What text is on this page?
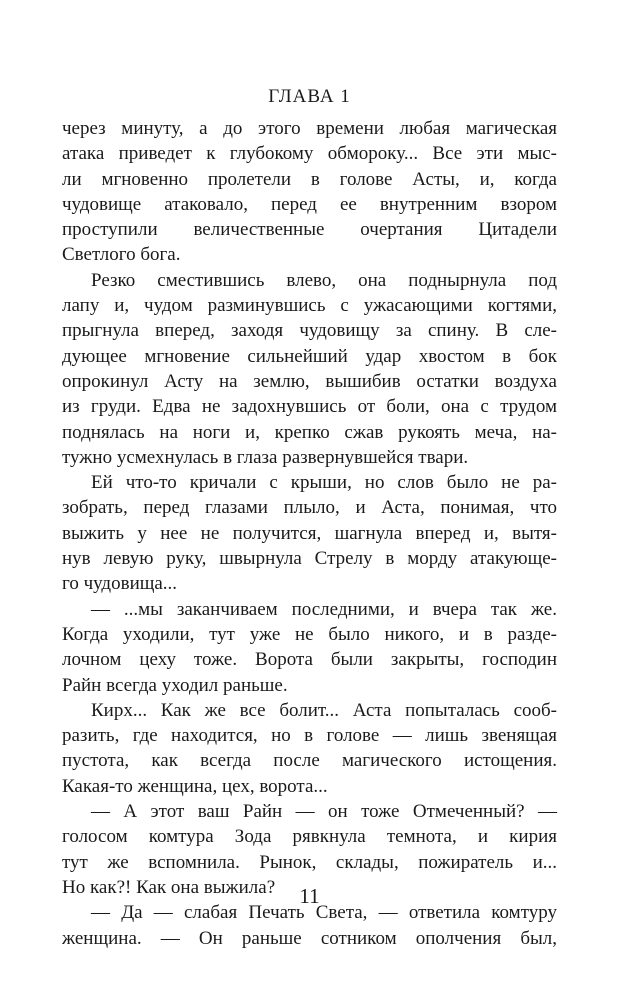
ГЛАВА 1
через минуту, а до этого времени любая магическая
атака приведет к глубокому обмороку... Все эти мыс-
ли мгновенно пролетели в голове Асты, и, когда
чудовище атаковало, перед ее внутренним взором
проступили величественные очертания Цитадели
Светлого бога.
Резко сместившись влево, она поднырнула под
лапу и, чудом разминувшись с ужасающими когтями,
прыгнула вперед, заходя чудовищу за спину. В сле-
дующее мгновение сильнейший удар хвостом в бок
опрокинул Асту на землю, вышибив остатки воздуха
из груди. Едва не задохнувшись от боли, она с трудом
поднялась на ноги и, крепко сжав рукоять меча, на-
тужно усмехнулась в глаза развернувшейся твари.
Ей что-то кричали с крыши, но слов было не ра-
зобрать, перед глазами плыло, и Аста, понимая, что
выжить у нее не получится, шагнула вперед и, вытя-
нув левую руку, швырнула Стрелу в морду атакующе-
го чудовища...
— ...мы заканчиваем последними, и вчера так же.
Когда уходили, тут уже не было никого, и в разде-
лочном цеху тоже. Ворота были закрыты, господин
Райн всегда уходил раньше.
Кирх... Как же все болит... Аста попыталась сооб-
разить, где находится, но в голове — лишь звенящая
пустота, как всегда после магического истощения.
Какая-то женщина, цех, ворота...
— А этот ваш Райн — он тоже Отмеченный? —
голосом комтура Зода рявкнула темнота, и кирия
тут же вспомнила. Рынок, склады, пожиратель и...
Но как?! Как она выжила?
— Да — слабая Печать Света, — ответила комтуру
женщина. — Он раньше сотником ополчения был,
11
